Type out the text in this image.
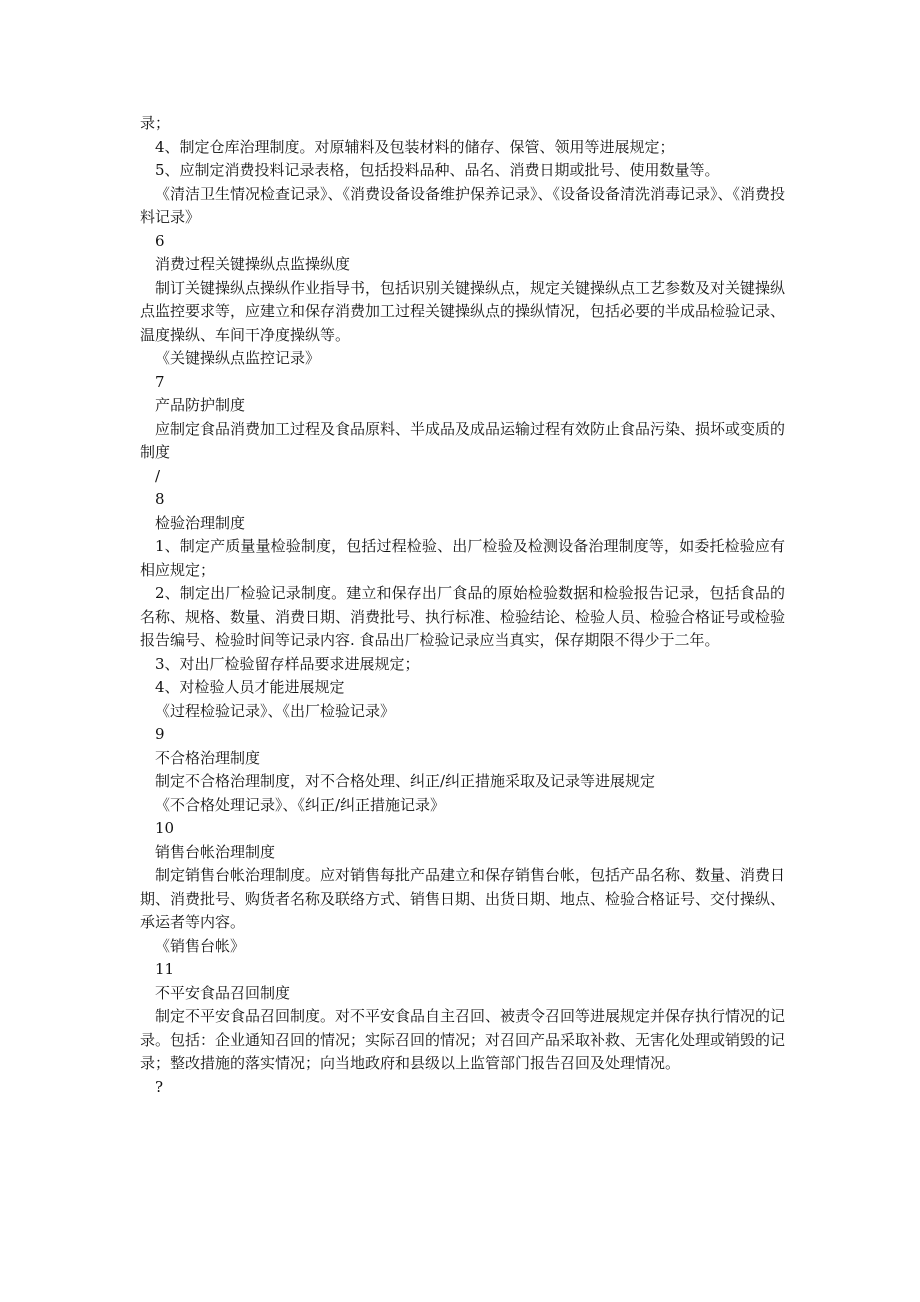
录；

4、制定仓库治理制度。对原辅料及包装材料的储存、保管、领用等进展规定；

5、应制定消费投料记录表格，包括投料品种、品名、消费日期或批号、使用数量等。

《清洁卫生情况检查记录》、《消费设备设备维护保养记录》、《设备设备清洗消毒记录》、《消费投料记录》

6

消费过程关键操纵点监操纵度

制订关键操纵点操纵作业指导书，包括识别关键操纵点，规定关键操纵点工艺参数及对关键操纵点监控要求等，应建立和保存消费加工过程关键操纵点的操纵情况，包括必要的半成品检验记录、温度操纵、车间干净度操纵等。

《关键操纵点监控记录》

7

产品防护制度

应制定食品消费加工过程及食品原料、半成品及成品运输过程有效防止食品污染、损坏或变质的制度

/

8

检验治理制度

1、制定产质量量检验制度，包括过程检验、出厂检验及检测设备治理制度等，如委托检验应有相应规定；

2、制定出厂检验记录制度。建立和保存出厂食品的原始检验数据和检验报告记录，包括食品的名称、规格、数量、消费日期、消费批号、执行标准、检验结论、检验人员、检验合格证号或检验报告编号、检验时间等记录内容. 食品出厂检验记录应当真实，保存期限不得少于二年。

3、对出厂检验留存样品要求进展规定；

4、对检验人员才能进展规定

《过程检验记录》、《出厂检验记录》

9

不合格治理制度

制定不合格治理制度，对不合格处理、纠正/纠正措施采取及记录等进展规定

《不合格处理记录》、《纠正/纠正措施记录》

10

销售台帐治理制度

制定销售台帐治理制度。应对销售每批产品建立和保存销售台帐，包括产品名称、数量、消费日期、消费批号、购货者名称及联络方式、销售日期、出货日期、地点、检验合格证号、交付操纵、承运者等内容。

《销售台帐》

11

不平安食品召回制度

制定不平安食品召回制度。对不平安食品自主召回、被责令召回等进展规定并保存执行情况的记录。包括：企业通知召回的情况；实际召回的情况；对召回产品采取补救、无害化处理或销毁的记录；整改措施的落实情况；向当地政府和县级以上监管部门报告召回及处理情况。

?
